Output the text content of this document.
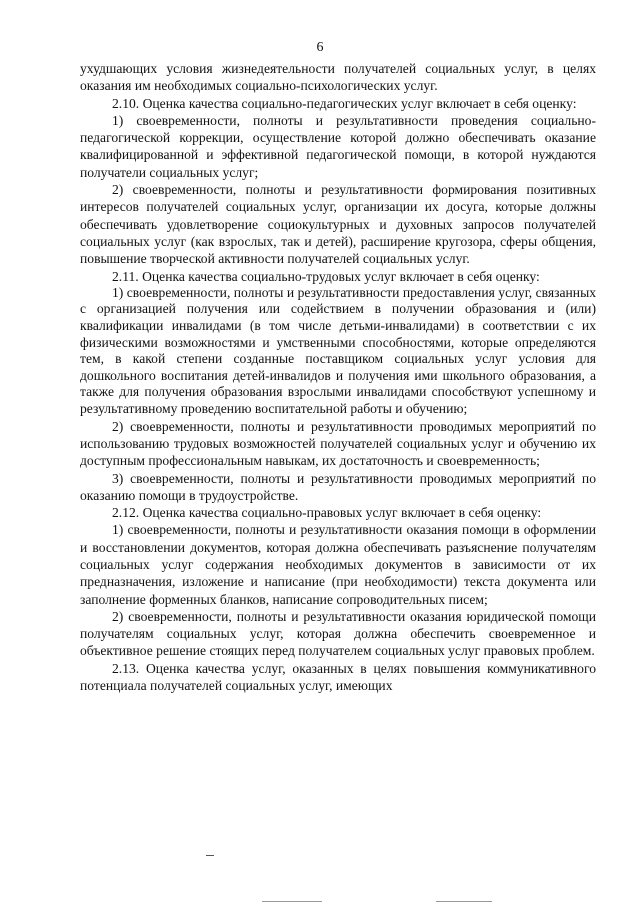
6

ухудшающих условия жизнедеятельности получателей социальных услуг, в целях оказания им необходимых социально-психологических услуг.

2.10. Оценка качества социально-педагогических услуг включает в себя оценку:

1) своевременности, полноты и результативности проведения социально-педагогической коррекции, осуществление которой должно обеспечивать оказание квалифицированной и эффективной педагогической помощи, в которой нуждаются получатели социальных услуг;

2) своевременности, полноты и результативности формирования позитивных интересов получателей социальных услуг, организации их досуга, которые должны обеспечивать удовлетворение социокультурных и духовных запросов получателей социальных услуг (как взрослых, так и детей), расширение кругозора, сферы общения, повышение творческой активности получателей социальных услуг.

2.11. Оценка качества социально-трудовых услуг включает в себя оценку:

1) своевременности, полноты и результативности предоставления услуг, связанных с организацией получения или содействием в получении образования и (или) квалификации инвалидами (в том числе детьми-инвалидами) в соответствии с их физическими возможностями и умственными способностями, которые определяются тем, в какой степени созданные поставщиком социальных услуг условия для дошкольного воспитания детей-инвалидов и получения ими школьного образования, а также для получения образования взрослыми инвалидами способствуют успешному и результативному проведению воспитательной работы и обучению;

2) своевременности, полноты и результативности проводимых мероприятий по использованию трудовых возможностей получателей социальных услуг и обучению их доступным профессиональным навыкам, их достаточность и своевременность;

3) своевременности, полноты и результативности проводимых мероприятий по оказанию помощи в трудоустройстве.

2.12. Оценка качества социально-правовых услуг включает в себя оценку:

1) своевременности, полноты и результативности оказания помощи в оформлении и восстановлении документов, которая должна обеспечивать разъяснение получателям социальных услуг содержания необходимых документов в зависимости от их предназначения, изложение и написание (при необходимости) текста документа или заполнение форменных бланков, написание сопроводительных писем;

2) своевременности, полноты и результативности оказания юридической помощи получателям социальных услуг, которая должна обеспечить своевременное и объективное решение стоящих перед получателем социальных услуг правовых проблем.

2.13. Оценка качества услуг, оказанных в целях повышения коммуникативного потенциала получателей социальных услуг, имеющих
